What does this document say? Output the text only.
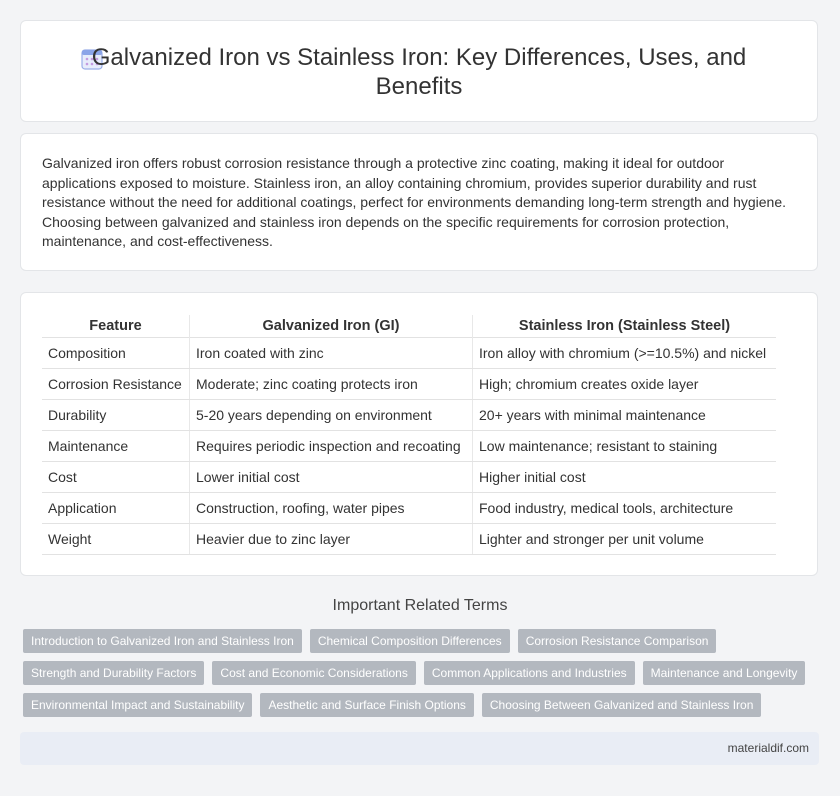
Galvanized Iron vs Stainless Iron: Key Differences, Uses, and
Benefits

Galvanized iron offers robust corrosion resistance through a protective zinc coating, making it ideal for outdoor applications exposed to moisture. Stainless iron, an alloy containing chromium, provides superior durability and rust resistance without the need for additional coatings, perfect for environments demanding long-term strength and hygiene. Choosing between galvanized and stainless iron depends on the specific requirements for corrosion protection, maintenance, and cost-effectiveness.

Feature	Galvanized Iron (GI)	Stainless Iron (Stainless Steel)
Composition	Iron coated with zinc	Iron alloy with chromium (>=10.5%) and nickel
Corrosion Resistance	Moderate; zinc coating protects iron	High; chromium creates oxide layer
Durability	5-20 years depending on environment	20+ years with minimal maintenance
Maintenance	Requires periodic inspection and recoating	Low maintenance; resistant to staining
Cost	Lower initial cost	Higher initial cost
Application	Construction, roofing, water pipes	Food industry, medical tools, architecture
Weight	Heavier due to zinc layer	Lighter and stronger per unit volume
Important Related Terms
Introduction to Galvanized Iron and Stainless Iron	Chemical Composition Differences	Corrosion Resistance Comparison
Strength and Durability Factors	Cost and Economic Considerations	Common Applications and Industries	Maintenance and Longevity
Environmental Impact and Sustainability	Aesthetic and Surface Finish Options	Choosing Between Galvanized and Stainless Iron
materialdif.com
